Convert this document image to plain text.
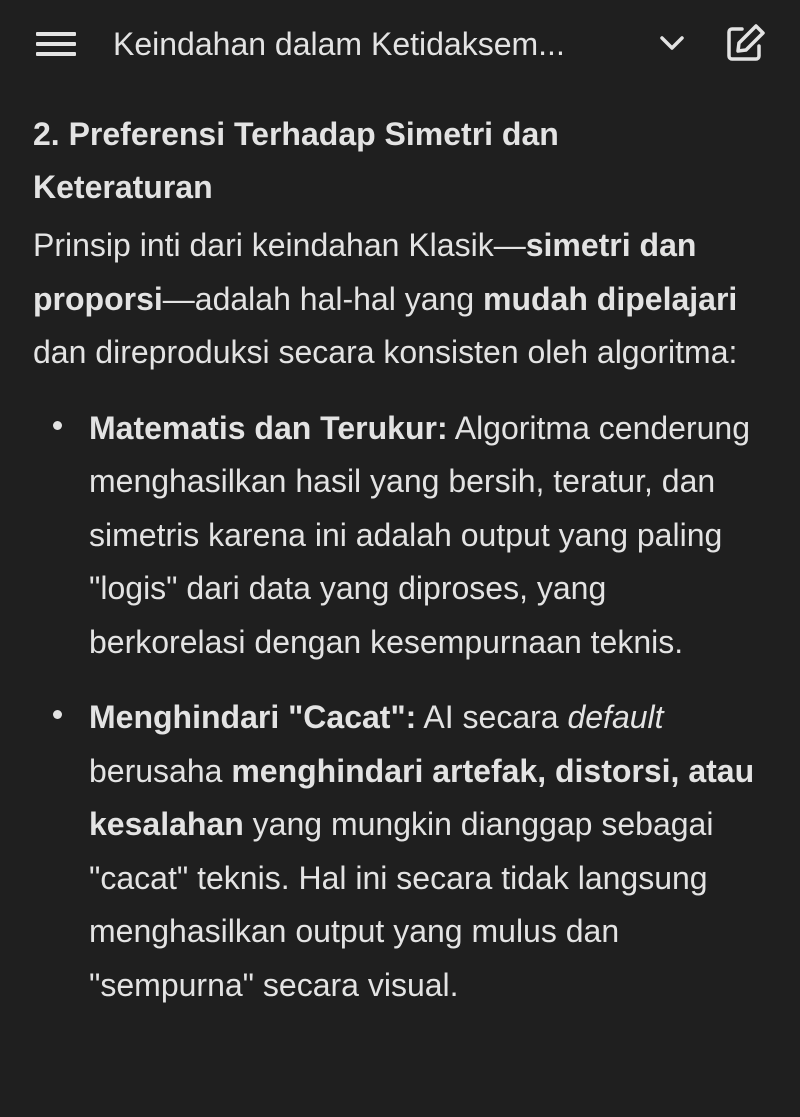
Keindahan dalam Ketidaksem...
2. Preferensi Terhadap Simetri dan Keteraturan

Prinsip inti dari keindahan Klasik—simetri dan proporsi—adalah hal-hal yang mudah dipelajari dan direproduksi secara konsisten oleh algoritma:

Matematis dan Terukur: Algoritma cenderung menghasilkan hasil yang bersih, teratur, dan simetris karena ini adalah output yang paling "logis" dari data yang diproses, yang berkorelasi dengan kesempurnaan teknis.
Menghindari "Cacat": AI secara default berusaha menghindari artefak, distorsi, atau kesalahan yang mungkin dianggap sebagai "cacat" teknis. Hal ini secara tidak langsung menghasilkan output yang mulus dan "sempurna" secara visual.
